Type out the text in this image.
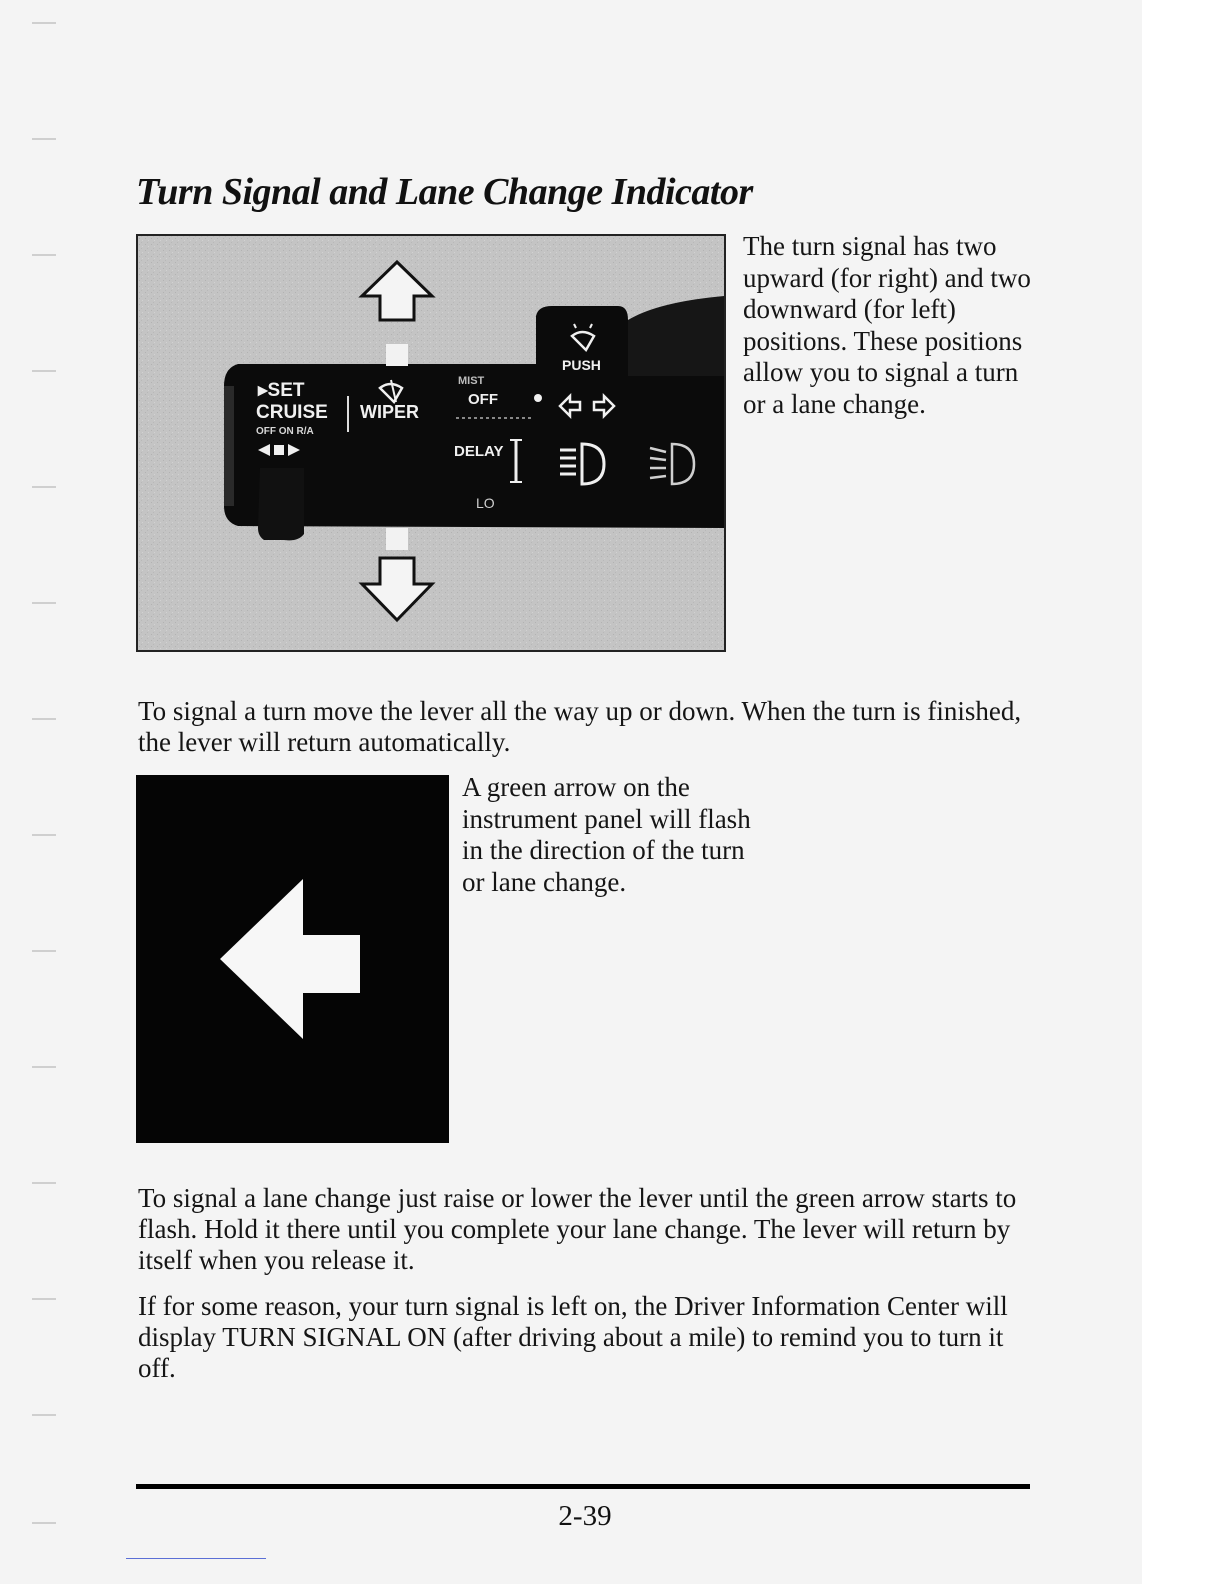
Turn Signal and Lane Change Indicator
▸SET
CRUISE
OFF ON R/A
WIPER
MIST
OFF
DELAY
LO
PUSH

The turn signal has two upward (for right) and two downward (for left) positions. These positions allow you to signal a turn or a lane change.

To signal a turn move the lever all the way up or down. When the turn is finished, the lever will return automatically.

A green arrow on the instrument panel will flash in the direction of the turn or lane change.

To signal a lane change just raise or lower the lever until the green arrow starts to flash. Hold it there until you complete your lane change. The lever will return by itself when you release it.

If for some reason, your turn signal is left on, the Driver Information Center will display TURN SIGNAL ON (after driving about a mile) to remind you to turn it off.

2-39
